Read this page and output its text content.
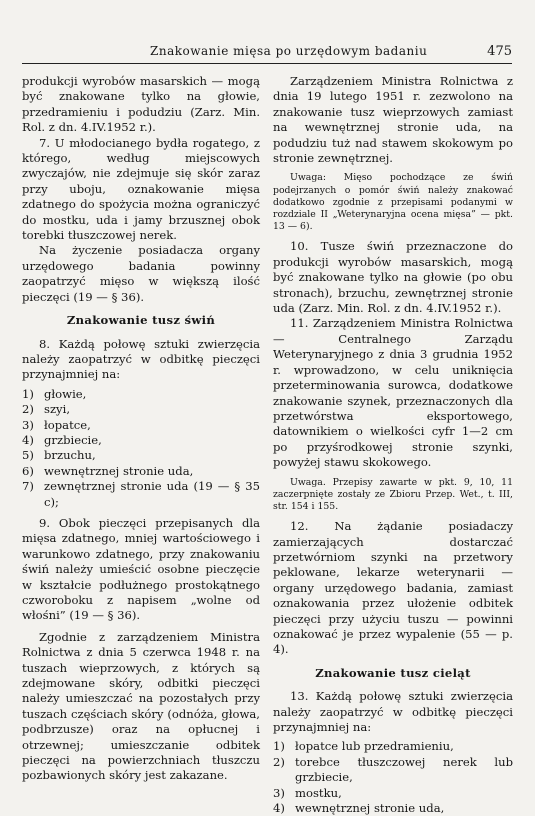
Znakowanie mięsa po urzędowym badaniu	475

produkcji wyrobów masarskich — mogą być znakowane tylko na głowie, przedramieniu i podudziu (Zarz. Min. Rol. z dn. 4.IV.1952 r.).

7. U młodocianego bydła rogatego, z którego, według miejscowych zwyczajów, nie zdejmuje się skór zaraz przy uboju, oznakowanie mięsa zdatnego do spożycia można ograniczyć do mostku, uda i jamy brzusznej obok torebki tłuszczowej nerek.

Na życzenie posiadacza organy urzędowego badania powinny zaopatrzyć mięso w większą ilość pieczęci (19 — § 36).

Znakowanie tusz świń

8. Każdą połowę sztuki zwierzęcia należy zaopatrzyć w odbitkę pieczęci przynajmniej na:

1) głowie,
2) szyi,
3) łopatce,
4) grzbiecie,
5) brzuchu,
6) wewnętrznej stronie uda,
7) zewnętrznej stronie uda (19 — § 35 c);

9. Obok pieczęci przepisanych dla mięsa zdatnego, mniej wartościowego i warunkowo zdatnego, przy znakowaniu świń należy umieścić osobne pieczęcie w kształcie podłużnego prostokątnego czworoboku z napisem „wolne od włośni” (19 — § 36).

Zgodnie z zarządzeniem Ministra Rolnictwa z dnia 5 czerwca 1948 r. na tuszach wieprzowych, z których są zdejmowane skóry, odbitki pieczęci należy umieszczać na pozostałych przy tuszach częściach skóry (odnóża, głowa, podbrzusze) oraz na opłucnej i otrzewnej; umieszczanie odbitek pieczęci na powierzchniach tłuszczu pozbawionych skóry jest zakazane.

Zarządzeniem Ministra Rolnictwa z dnia 19 lutego 1951 r. zezwolono na znakowanie tusz wieprzowych zamiast na wewnętrznej stronie uda, na podudziu tuż nad stawem skokowym po stronie zewnętrznej.

Uwaga: Mięso pochodzące ze świń podejrzanych o pomór świń należy znakować dodatkowo zgodnie z przepisami podanymi w rozdziale II „Weterynaryjna ocena mięsa” — pkt. 13 — 6).

10. Tusze świń przeznaczone do produkcji wyrobów masarskich, mogą być znakowane tylko na głowie (po obu stronach), brzuchu, zewnętrznej stronie uda (Zarz. Min. Rol. z dn. 4.IV.1952 r.).

11. Zarządzeniem Ministra Rolnictwa — Centralnego Zarządu Weterynaryjnego z dnia 3 grudnia 1952 r. wprowadzono, w celu uniknięcia przeterminowania surowca, dodatkowe znakowanie szynek, przeznaczonych dla przetwórstwa eksportowego, datownikiem o wielkości cyfr 1—2 cm po przyśrodkowej stronie szynki, powyżej stawu skokowego.

Uwaga. Przepisy zawarte w pkt. 9, 10, 11 zaczerpnięte zostały ze Zbioru Przep. Wet., t. III, str. 154 i 155.

12. Na żądanie posiadaczy zamierzających dostarczać przetwórniom szynki na przetwory peklowane, lekarze weterynarii — organy urzędowego badania, zamiast oznakowania przez ułożenie odbitek pieczęci przy użyciu tuszu — powinni oznakować je przez wypalenie (55 — p. 4).

Znakowanie tusz cieląt

13. Każdą połowę sztuki zwierzęcia należy zaopatrzyć w odbitkę pieczęci przynajmniej na:

1) łopatce lub przedramieniu,
2) torebce tłuszczowej nerek lub grzbiecie,
3) mostku,
4) wewnętrznej stronie uda,
